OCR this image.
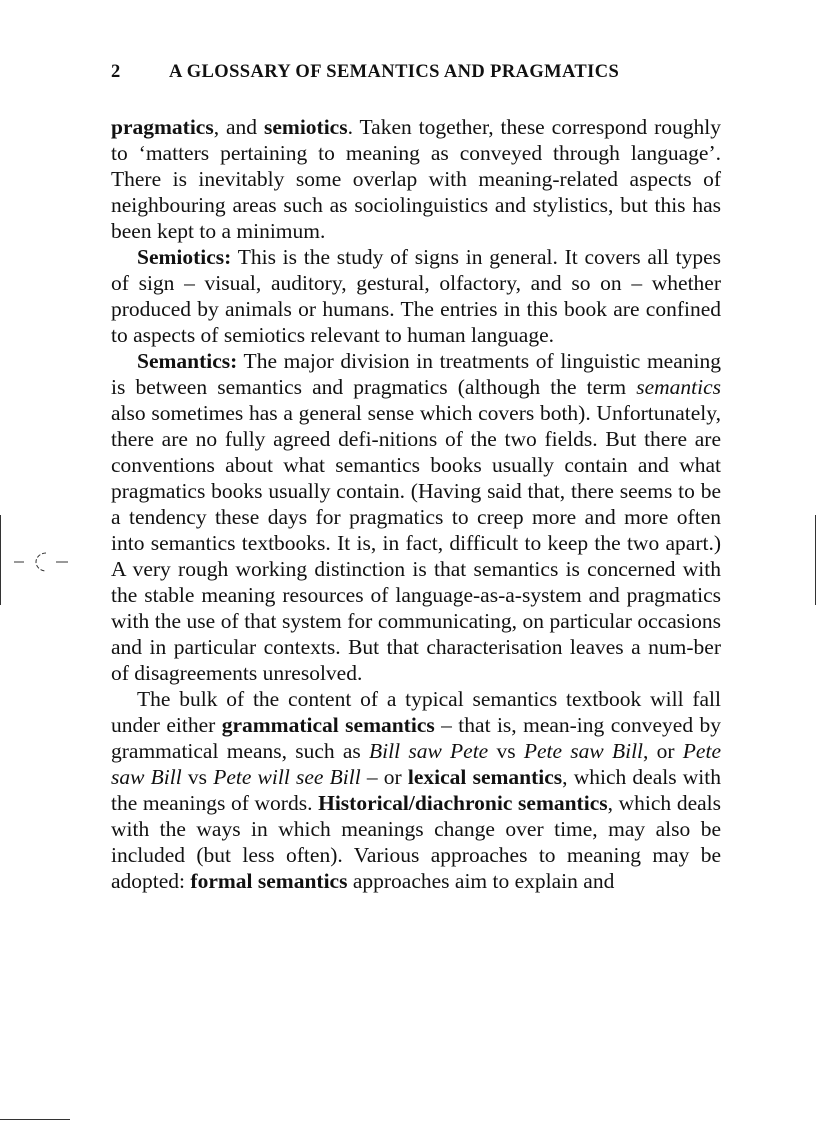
2	A GLOSSARY OF SEMANTICS AND PRAGMATICS

pragmatics, and semiotics. Taken together, these correspond roughly to ‘matters pertaining to meaning as conveyed through language’. There is inevitably some overlap with meaning-related aspects of neighbouring areas such as sociolinguistics and stylistics, but this has been kept to a minimum.

Semiotics: This is the study of signs in general. It covers all types of sign – visual, auditory, gestural, olfactory, and so on – whether produced by animals or humans. The entries in this book are confined to aspects of semiotics relevant to human language.

Semantics: The major division in treatments of linguistic meaning is between semantics and pragmatics (although the term semantics also sometimes has a general sense which covers both). Unfortunately, there are no fully agreed defi-nitions of the two fields. But there are conventions about what semantics books usually contain and what pragmatics books usually contain. (Having said that, there seems to be a tendency these days for pragmatics to creep more and more often into semantics textbooks. It is, in fact, difficult to keep the two apart.) A very rough working distinction is that semantics is concerned with the stable meaning resources of language-as-a-system and pragmatics with the use of that system for communicating, on particular occasions and in particular contexts. But that characterisation leaves a num-ber of disagreements unresolved.

The bulk of the content of a typical semantics textbook will fall under either grammatical semantics – that is, mean-ing conveyed by grammatical means, such as Bill saw Pete vs Pete saw Bill, or Pete saw Bill vs Pete will see Bill – or lexical semantics, which deals with the meanings of words. Historical/diachronic semantics, which deals with the ways in which meanings change over time, may also be included (but less often). Various approaches to meaning may be adopted: formal semantics approaches aim to explain and
